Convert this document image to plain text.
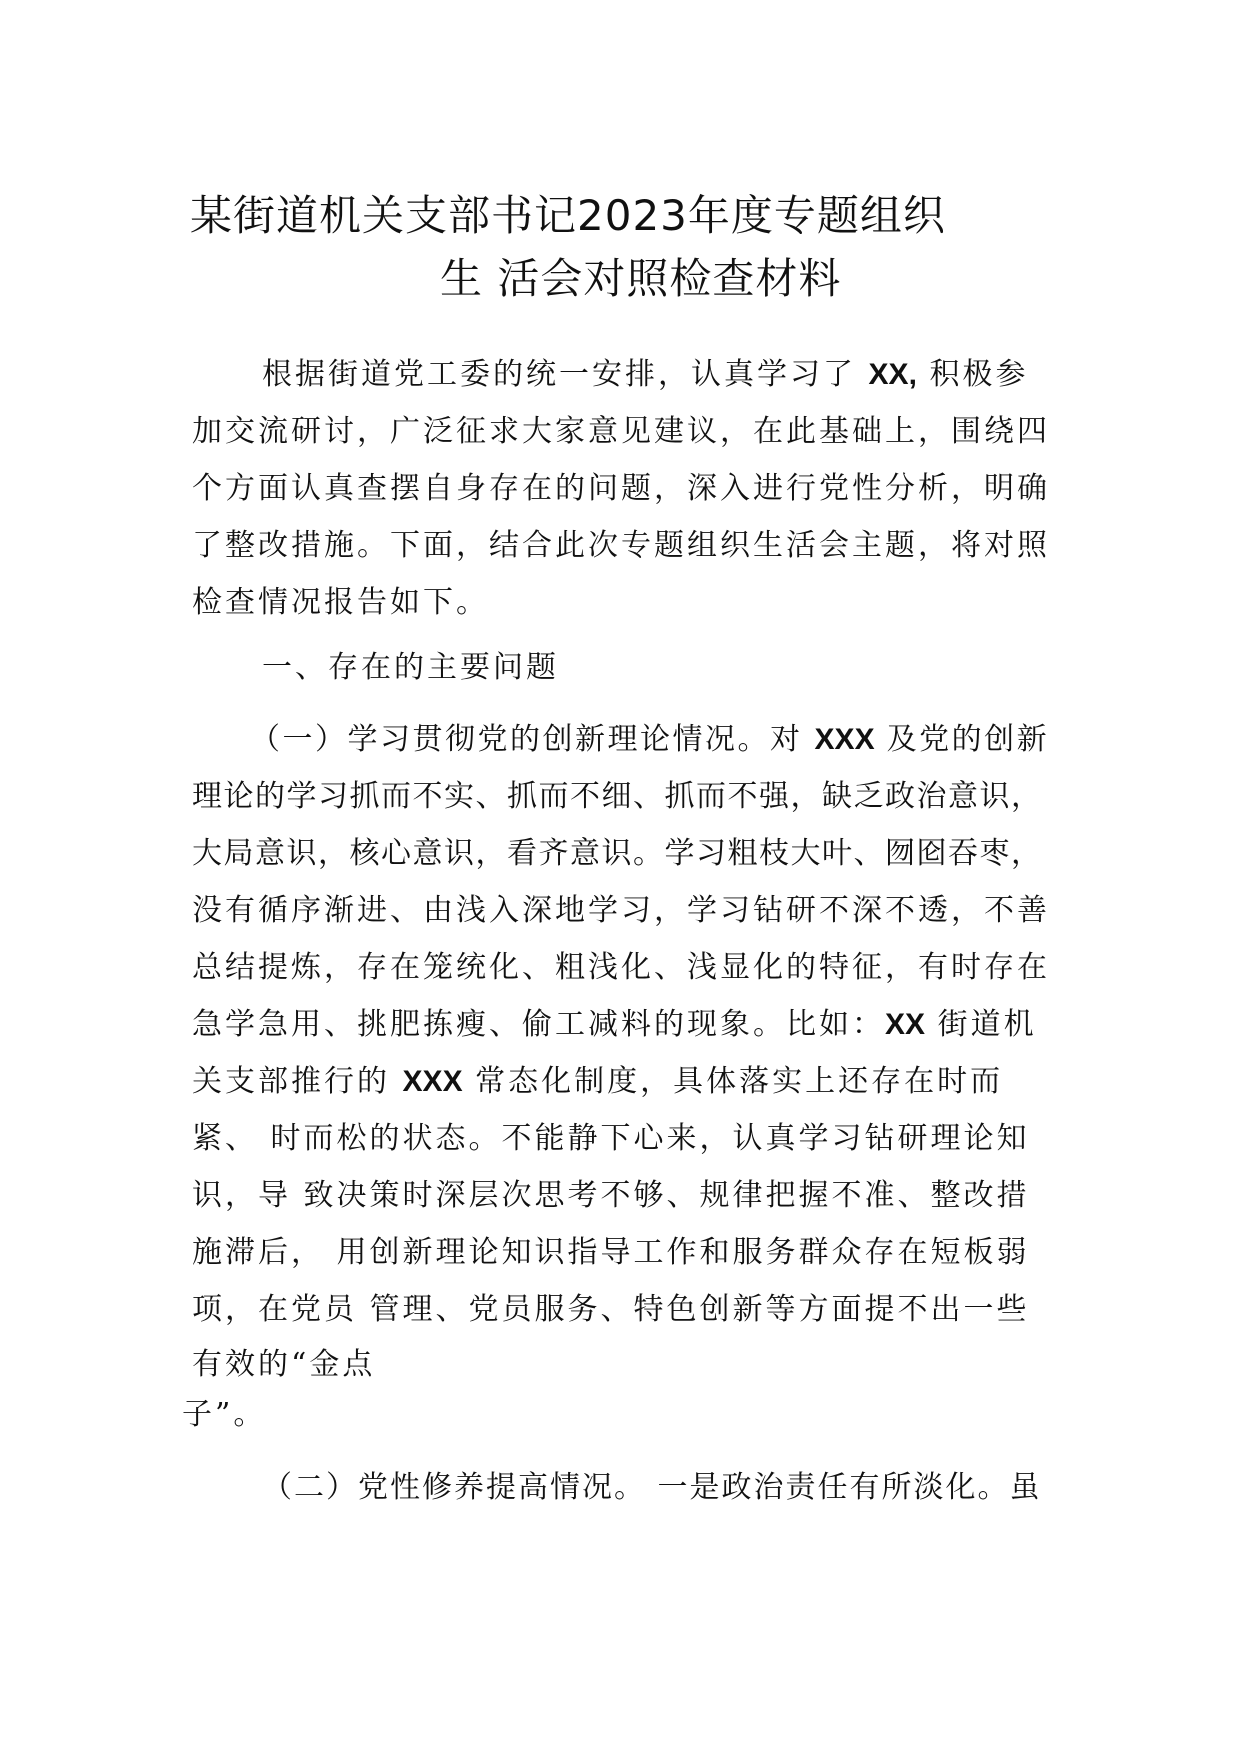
某街道机关支部书记2023年度专题组织
生 活会对照检查材料
根据街道党工委的统一安排，认真学习了 XX, 积极参
加交流研讨，广泛征求大家意见建议，在此基础上，围绕四
个方面认真查摆自身存在的问题，深入进行党性分析，明确
了整改措施。下面，结合此次专题组织生活会主题，将对照
检查情况报告如下。
一、存在的主要问题
（一）学习贯彻党的创新理论情况。对 XXX 及党的创新
理论的学习抓而不实、抓而不细、抓而不强，缺乏政治意识，
大局意识，核心意识，看齐意识。学习粗枝大叶、囫囵吞枣，
没有循序渐进、由浅入深地学习，学习钻研不深不透，不善
总结提炼，存在笼统化、粗浅化、浅显化的特征，有时存在
急学急用、挑肥拣瘦、偷工减料的现象。比如：XX 街道机
关支部推行的 XXX 常态化制度，具体落实上还存在时而
紧、 时而松的状态。不能静下心来，认真学习钻研理论知
识，导 致决策时深层次思考不够、规律把握不准、整改措
施滞后， 用创新理论知识指导工作和服务群众存在短板弱
项，在党员 管理、党员服务、特色创新等方面提不出一些
有效的“金点
子”。
（二）党性修养提高情况。 一是政治责任有所淡化。虽
